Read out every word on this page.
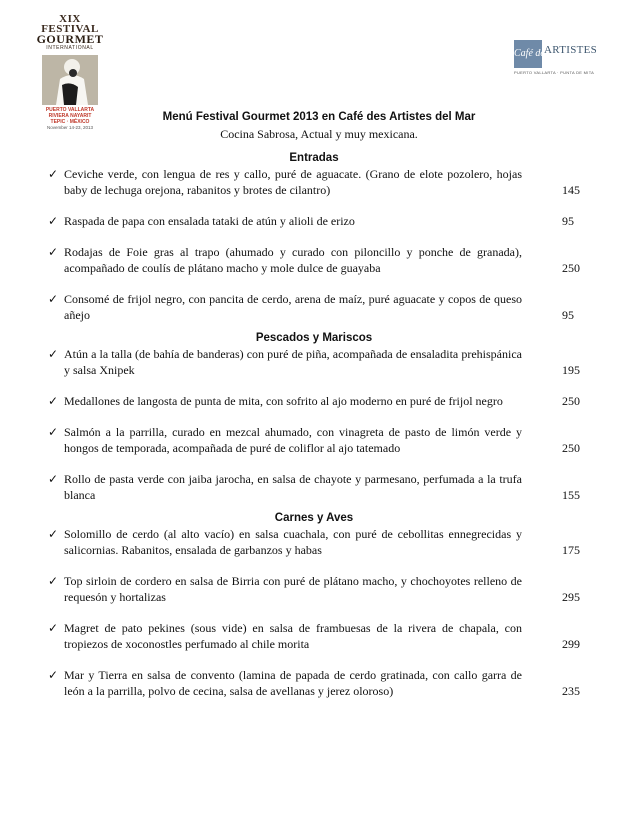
XIX FESTIVAL
GOURMET
INTERNATIONAL
PUERTO VALLARTA
RIVIERA NAYARIT
TEPIC · MÉXICO
November 14-23, 2013
Café des
ARTISTES
PUERTO VALLARTA · PUNTA DE MITA
Menú Festival Gourmet 2013 en Café des Artistes del Mar
Cocina Sabrosa, Actual y muy mexicana.
Entradas
✓ Ceviche verde, con lengua de res y callo, puré de aguacate. (Grano de elote pozolero, hojas baby de lechuga orejona, rabanitos y brotes de cilantro)	145
✓ Raspada de papa con ensalada tataki de atún y alioli de erizo	95
✓ Rodajas de Foie gras al trapo (ahumado y curado con piloncillo y ponche de granada), acompañado de coulís de plátano macho y mole dulce de guayaba	250
✓ Consomé de frijol negro, con pancita de cerdo, arena de maíz, puré aguacate y copos de queso añejo	95
Pescados y Mariscos
✓ Atún a la talla (de bahía de banderas) con puré de piña, acompañada de ensaladita prehispánica y salsa Xnipek	195
✓ Medallones de langosta de punta de mita, con sofrito al ajo moderno en puré de frijol negro	250
✓ Salmón a la parrilla, curado en mezcal ahumado, con vinagreta de pasto de limón verde y hongos de temporada, acompañada de puré de coliflor al ajo tatemado	250
✓ Rollo de pasta verde con jaiba jarocha, en salsa de chayote y parmesano, perfumada a la trufa blanca	155
Carnes y Aves
✓ Solomillo de cerdo (al alto vacío) en salsa cuachala, con puré de cebollitas ennegrecidas y salicornias. Rabanitos, ensalada de garbanzos y habas	175
✓ Top sirloin de cordero en salsa de Birria con puré de plátano macho, y chochoyotes relleno de requesón y hortalizas	295
✓ Magret de pato pekines (sous vide) en salsa de frambuesas de la rivera de chapala, con tropiezos de xoconostles perfumado al chile morita	299
✓ Mar y Tierra en salsa de convento (lamina de papada de cerdo gratinada, con callo garra de león a la parrilla, polvo de cecina, salsa de avellanas y jerez oloroso)	235
